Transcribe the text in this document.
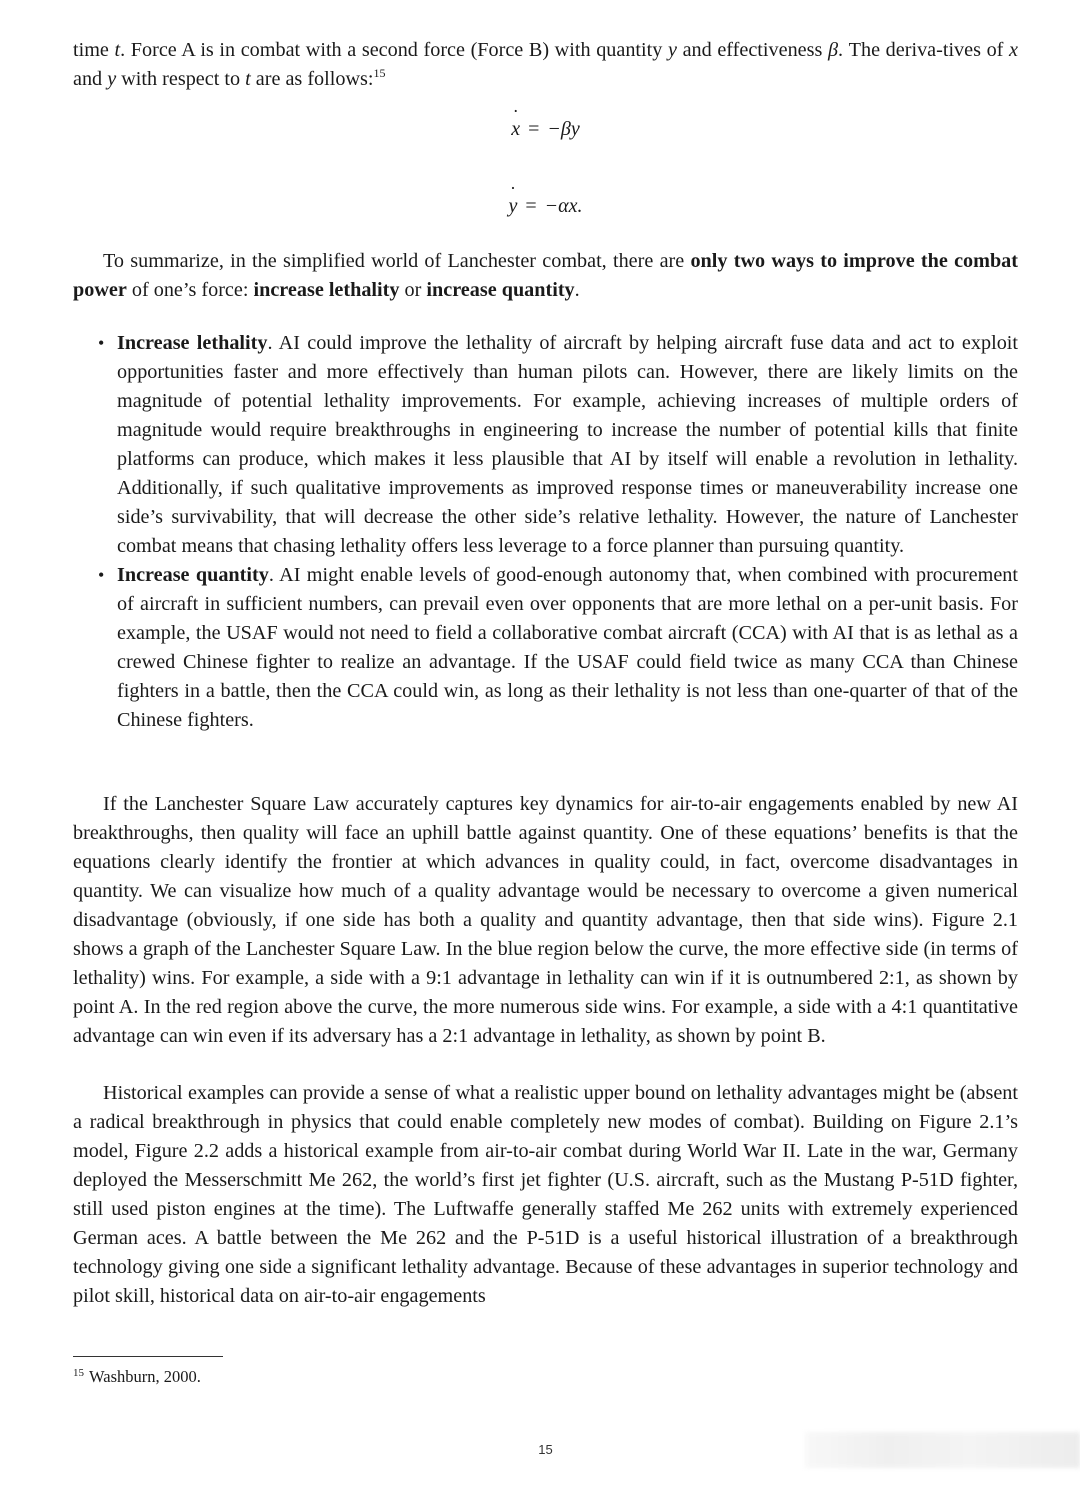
time t. Force A is in combat with a second force (Force B) with quantity y and effectiveness β. The deriva-tives of x and y with respect to t are as follows:$^{15}$

˙ x = −βy
˙ y = −αx.

To summarize, in the simplified world of Lanchester combat, there are only two ways to improve the combat power of one’s force: increase lethality or increase quantity.

• Increase lethality. AI could improve the lethality of aircraft by helping aircraft fuse data and act to exploit opportunities faster and more effectively than human pilots can. However, there are likely limits on the magnitude of potential lethality improvements. For example, achieving increases of multiple orders of magnitude would require breakthroughs in engineering to increase the number of potential kills that finite platforms can produce, which makes it less plausible that AI by itself will enable a revolution in lethality. Additionally, if such qualitative improvements as improved response times or maneuverability increase one side’s survivability, that will decrease the other side’s relative lethality. However, the nature of Lanchester combat means that chasing lethality offers less leverage to a force planner than pursuing quantity.
• Increase quantity. AI might enable levels of good-enough autonomy that, when combined with procurement of aircraft in sufficient numbers, can prevail even over opponents that are more lethal on a per-unit basis. For example, the USAF would not need to field a collaborative combat aircraft (CCA) with AI that is as lethal as a crewed Chinese fighter to realize an advantage. If the USAF could field twice as many CCA than Chinese fighters in a battle, then the CCA could win, as long as their lethality is not less than one-quarter of that of the Chinese fighters.

If the Lanchester Square Law accurately captures key dynamics for air-to-air engagements enabled by new AI breakthroughs, then quality will face an uphill battle against quantity. One of these equations’ benefits is that the equations clearly identify the frontier at which advances in quality could, in fact, overcome disadvantages in quantity. We can visualize how much of a quality advantage would be necessary to overcome a given numerical disadvantage (obviously, if one side has both a quality and quantity advantage, then that side wins). Figure 2.1 shows a graph of the Lanchester Square Law. In the blue region below the curve, the more effective side (in terms of lethality) wins. For example, a side with a 9:1 advantage in lethality can win if it is outnumbered 2:1, as shown by point A. In the red region above the curve, the more numerous side wins. For example, a side with a 4:1 quantitative advantage can win even if its adversary has a 2:1 advantage in lethality, as shown by point B.

Historical examples can provide a sense of what a realistic upper bound on lethality advantages might be (absent a radical breakthrough in physics that could enable completely new modes of combat). Building on Figure 2.1’s model, Figure 2.2 adds a historical example from air-to-air combat during World War II. Late in the war, Germany deployed the Messerschmitt Me 262, the world’s first jet fighter (U.S. aircraft, such as the Mustang P-51D fighter, still used piston engines at the time). The Luftwaffe generally staffed Me 262 units with extremely experienced German aces. A battle between the Me 262 and the P-51D is a useful historical illustration of a breakthrough technology giving one side a significant lethality advantage. Because of these advantages in superior technology and pilot skill, historical data on air-to-air engagements

$^{15}$ Washburn, 2000.
15
